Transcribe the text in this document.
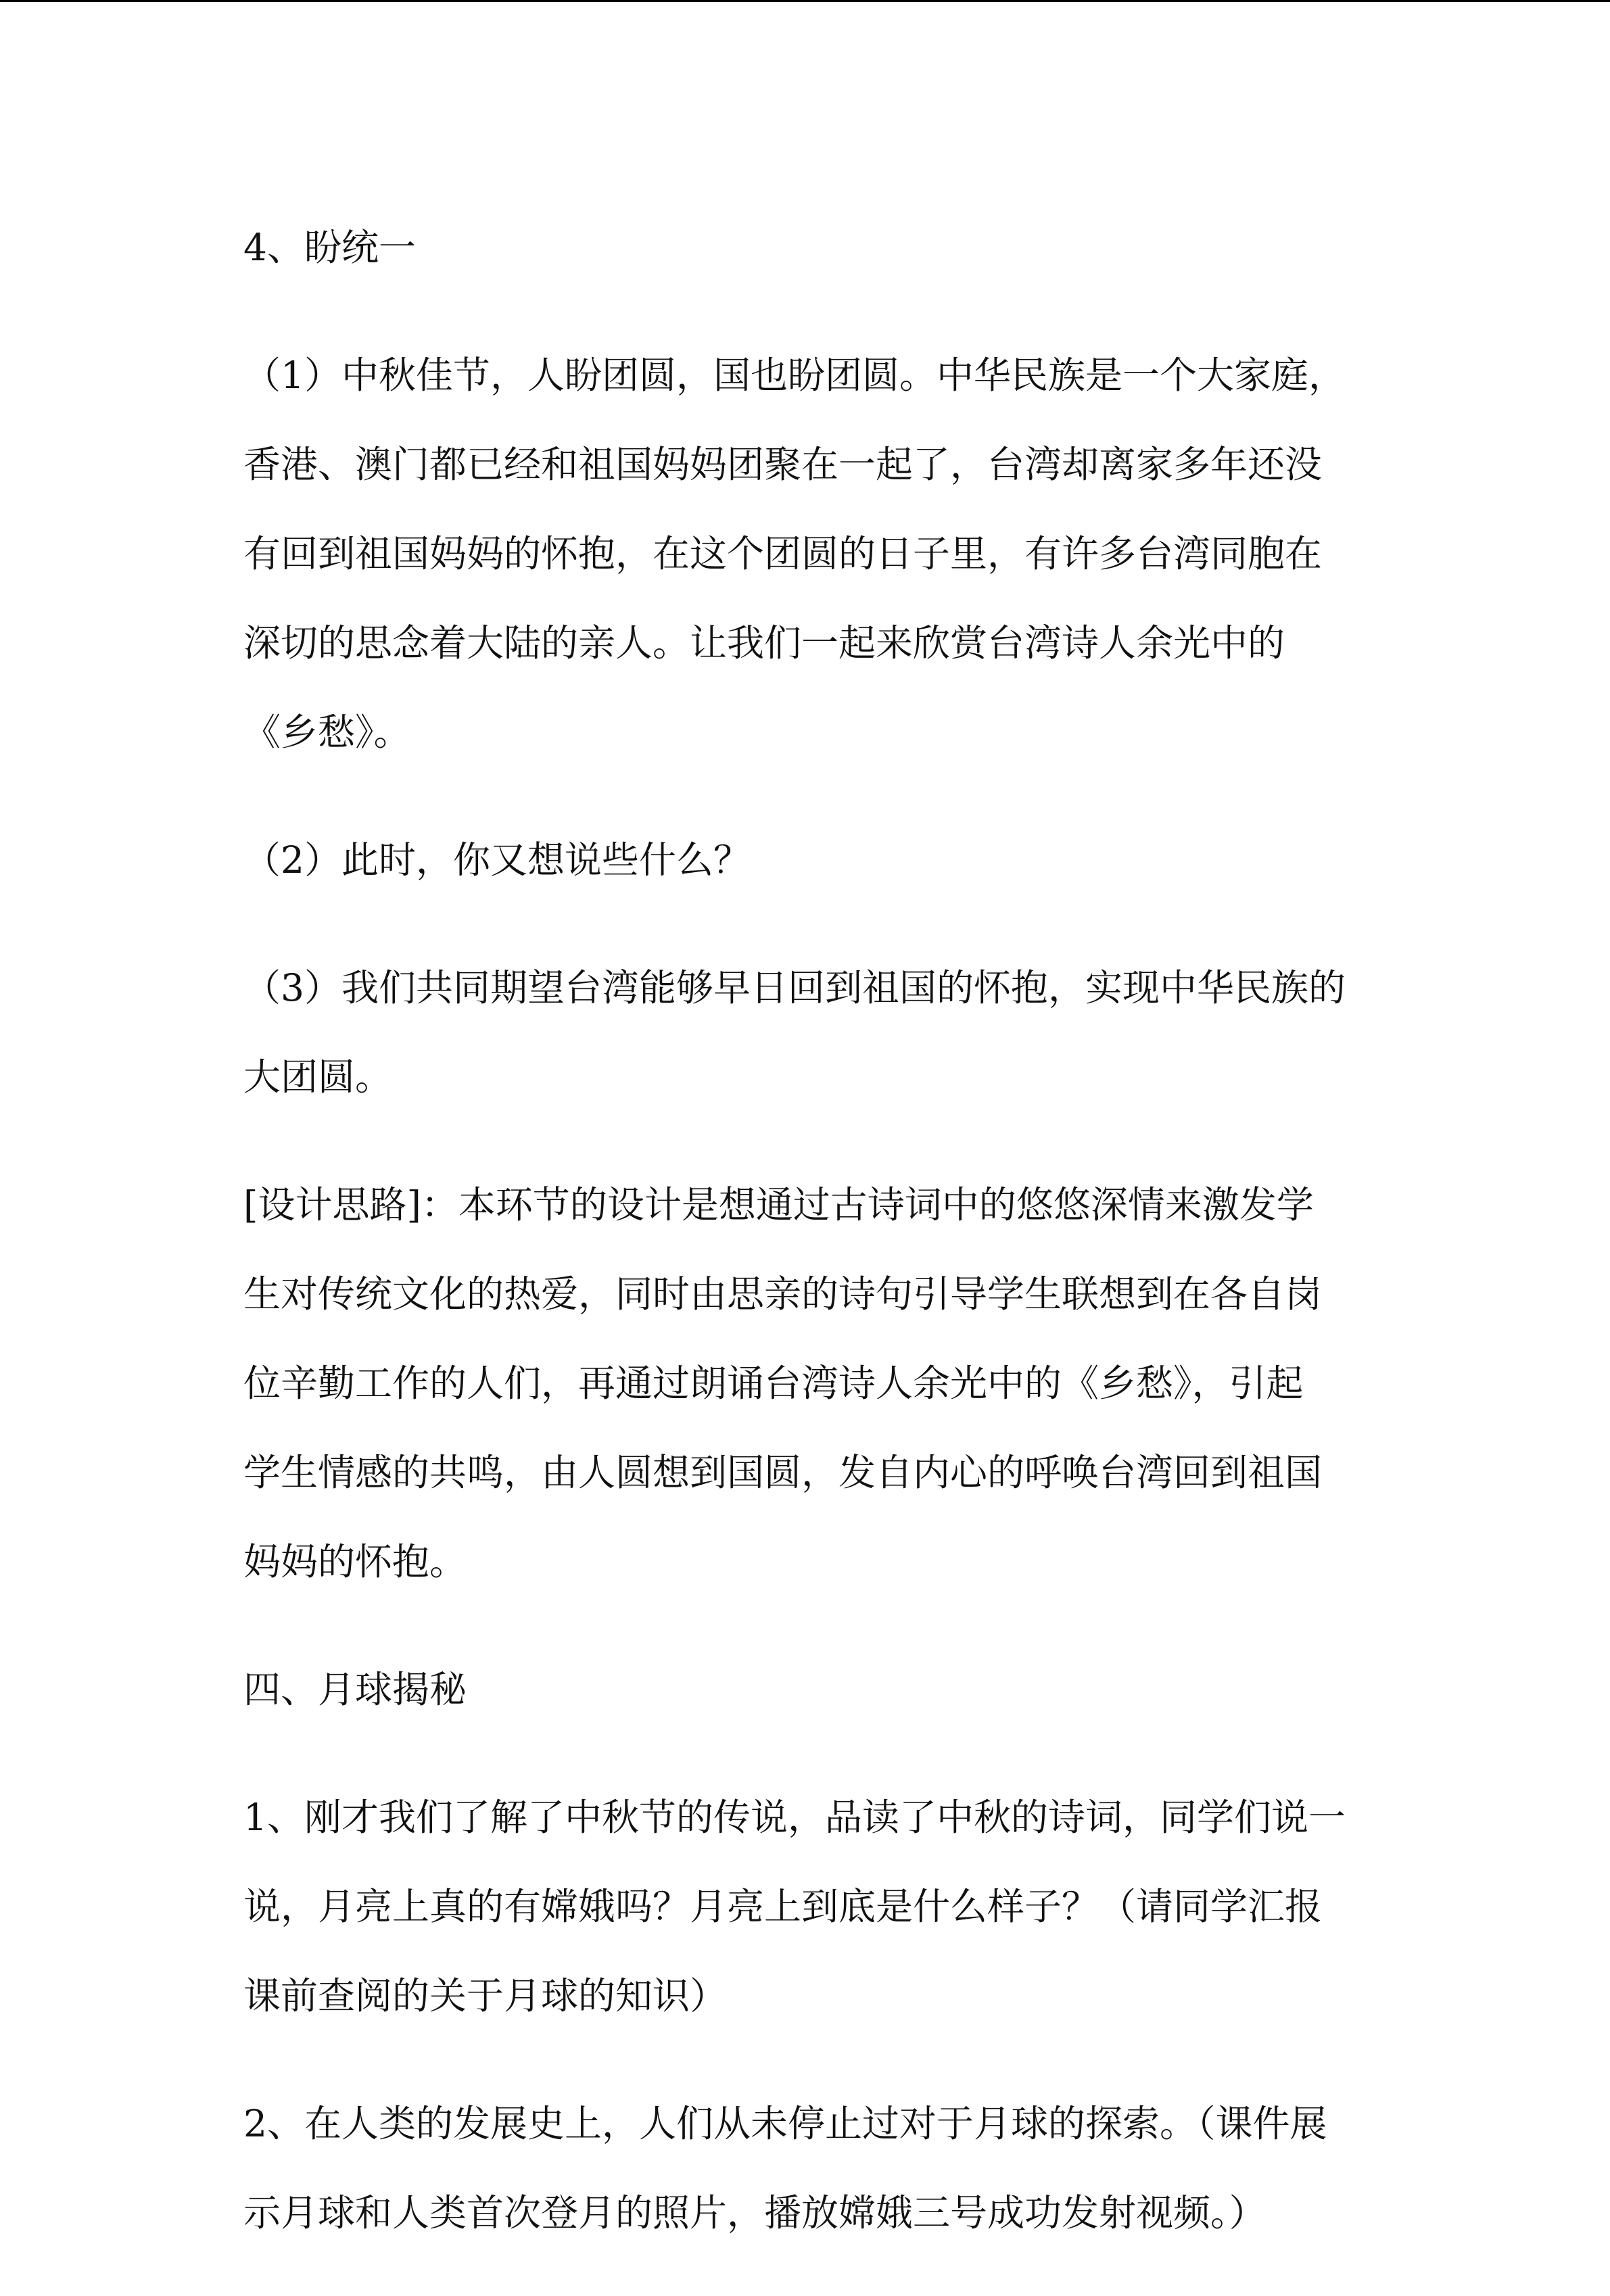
4、盼统一

（1）中秋佳节，人盼团圆，国也盼团圆。中华民族是一个大家庭，
香港、澳门都已经和祖国妈妈团聚在一起了，台湾却离家多年还没
有回到祖国妈妈的怀抱，在这个团圆的日子里，有许多台湾同胞在
深切的思念着大陆的亲人。让我们一起来欣赏台湾诗人余光中的
《乡愁》。

（2）此时，你又想说些什么？

（3）我们共同期望台湾能够早日回到祖国的怀抱，实现中华民族的
大团圆。

[设计思路]：本环节的设计是想通过古诗词中的悠悠深情来激发学
生对传统文化的热爱，同时由思亲的诗句引导学生联想到在各自岗
位辛勤工作的人们，再通过朗诵台湾诗人余光中的《乡愁》，引起
学生情感的共鸣，由人圆想到国圆，发自内心的呼唤台湾回到祖国
妈妈的怀抱。

四、月球揭秘

1、刚才我们了解了中秋节的传说，品读了中秋的诗词，同学们说一
说，月亮上真的有嫦娥吗？月亮上到底是什么样子？（请同学汇报
课前查阅的关于月球的知识）

2、在人类的发展史上，人们从未停止过对于月球的探索。（课件展
示月球和人类首次登月的照片，播放嫦娥三号成功发射视频。）
